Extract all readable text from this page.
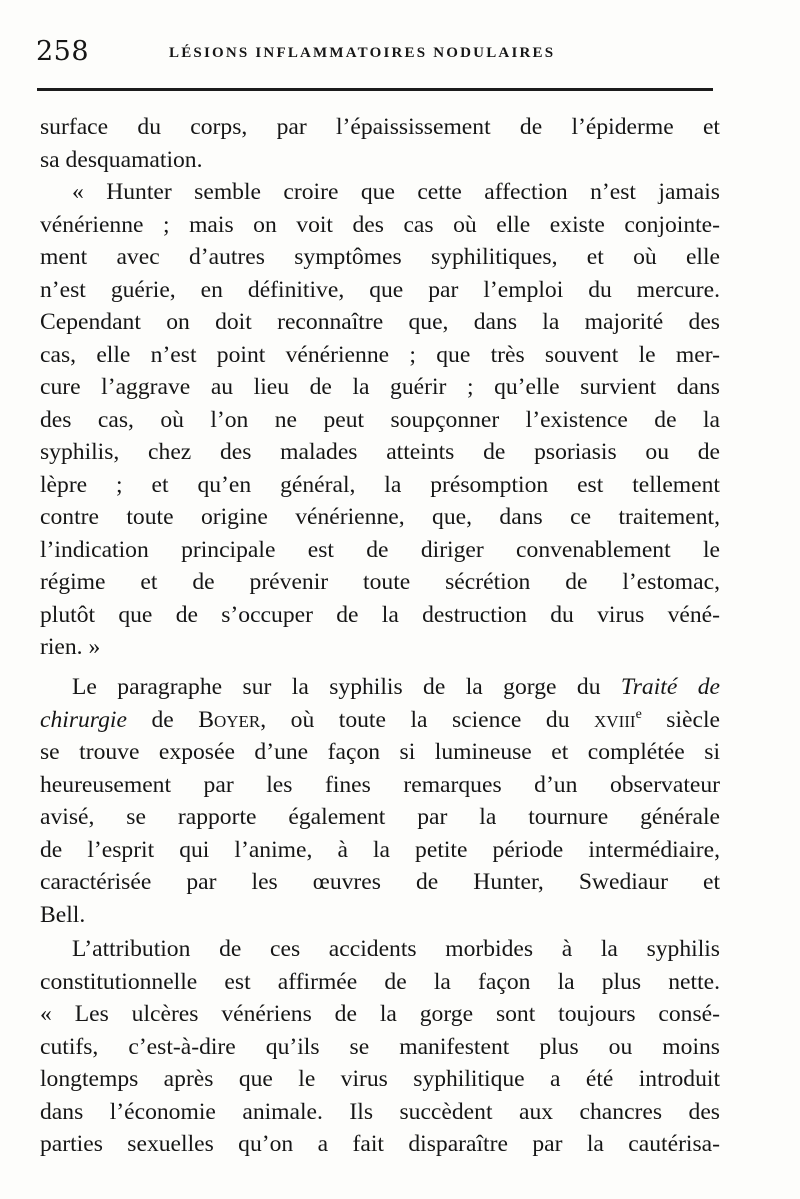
258	LÉSIONS INFLAMMATOIRES NODULAIRES
surface du corps, par l’épaississement de l’épiderme et
sa desquamation.
« Hunter semble croire que cette affection n’est jamais
vénérienne ; mais on voit des cas où elle existe conjointe-
ment avec d’autres symptômes syphilitiques, et où elle
n’est guérie, en définitive, que par l’emploi du mercure.
Cependant on doit reconnaître que, dans la majorité des
cas, elle n’est point vénérienne ; que très souvent le mer-
cure l’aggrave au lieu de la guérir ; qu’elle survient dans
des cas, où l’on ne peut soupçonner l’existence de la
syphilis, chez des malades atteints de psoriasis ou de
lèpre ; et qu’en général, la présomption est tellement
contre toute origine vénérienne, que, dans ce traitement,
l’indication principale est de diriger convenablement le
régime et de prévenir toute sécrétion de l’estomac,
plutôt que de s’occuper de la destruction du virus véné-
rien. »
Le paragraphe sur la syphilis de la gorge du Traité de
chirurgie de Boyer, où toute la science du xviii$^e$ siècle
se trouve exposée d’une façon si lumineuse et complétée si
heureusement par les fines remarques d’un observateur
avisé, se rapporte également par la tournure générale
de l’esprit qui l’anime, à la petite période intermédiaire,
caractérisée par les œuvres de Hunter, Swediaur et
Bell.
L’attribution de ces accidents morbides à la syphilis
constitutionnelle est affirmée de la façon la plus nette.
« Les ulcères vénériens de la gorge sont toujours consé-
cutifs, c’est-à-dire qu’ils se manifestent plus ou moins
longtemps après que le virus syphilitique a été introduit
dans l’économie animale. Ils succèdent aux chancres des
parties sexuelles qu’on a fait disparaître par la cautérisa-
